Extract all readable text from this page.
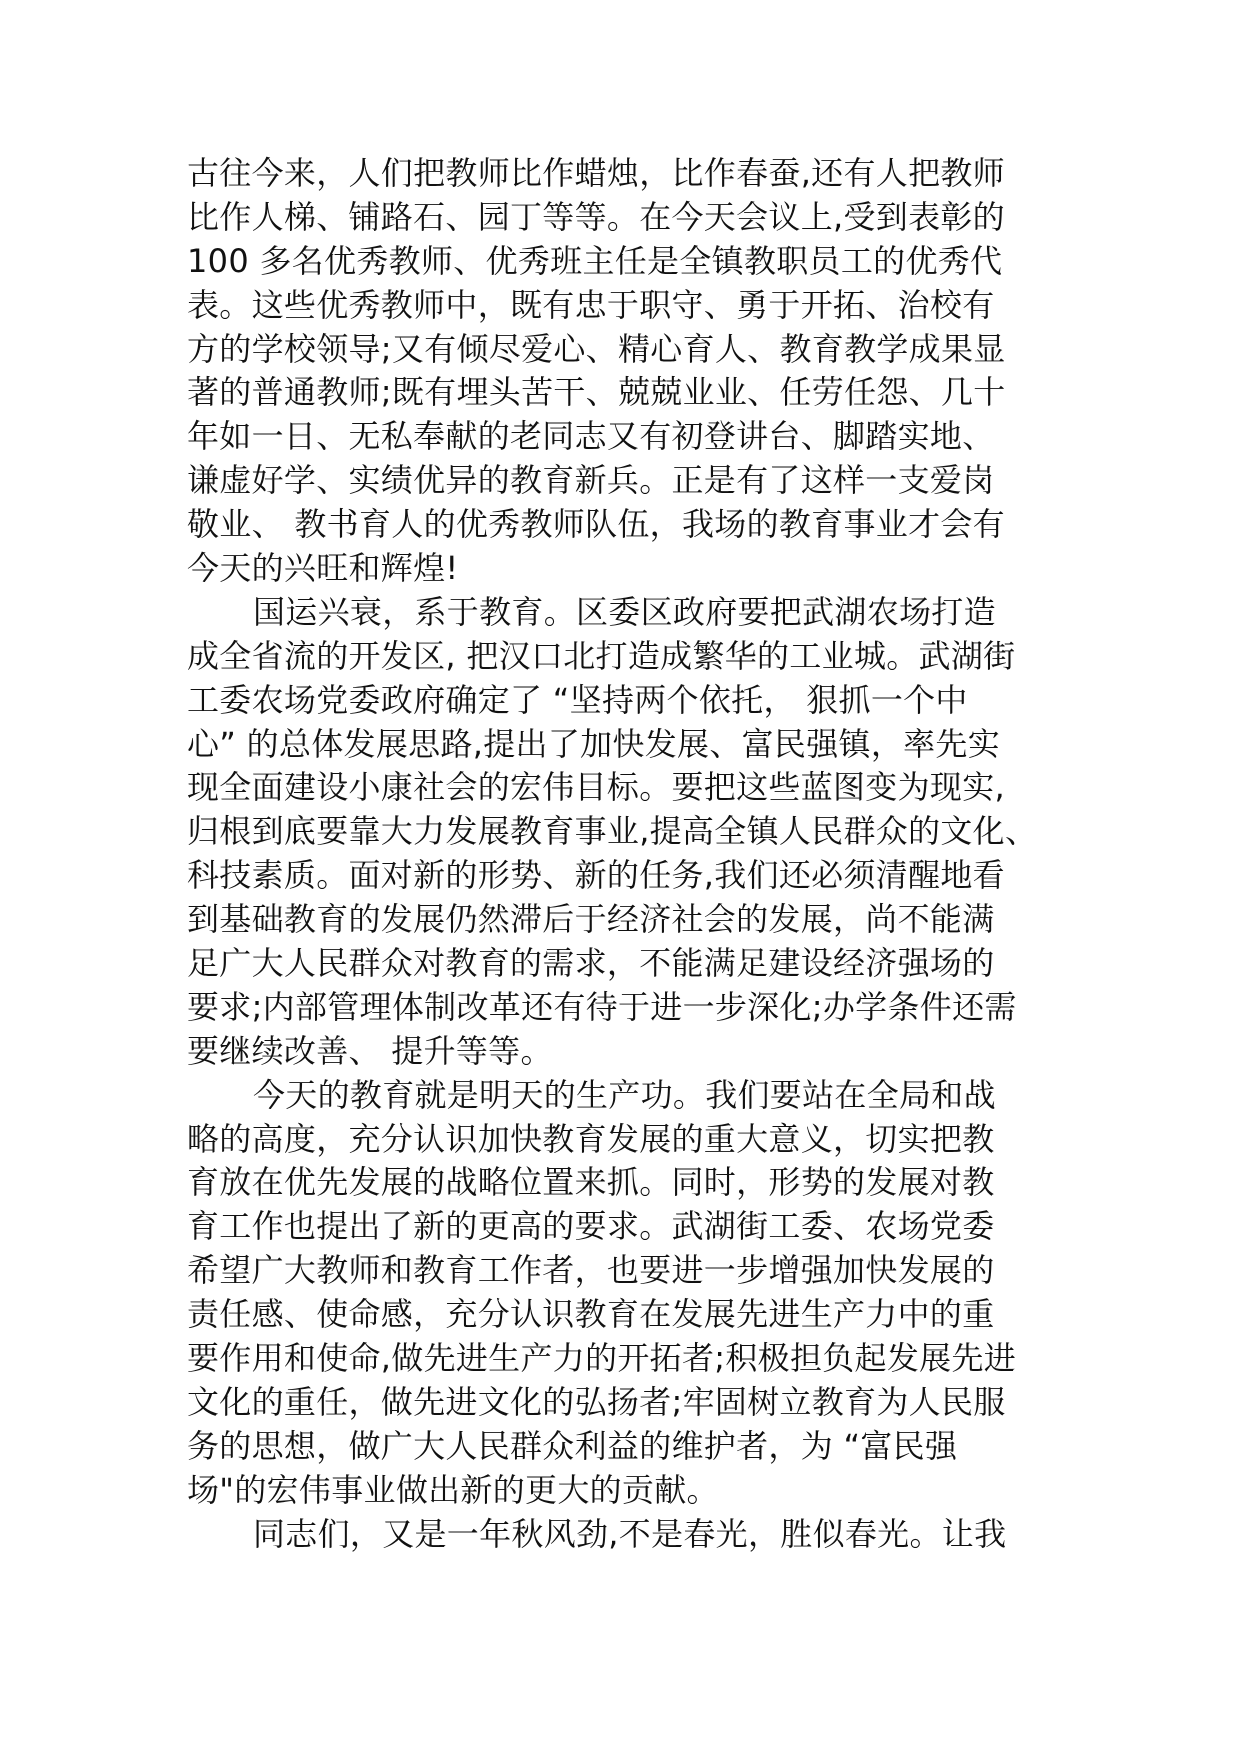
古往今来，人们把教师比作蜡烛，比作春蚕,还有人把教师
比作人梯、铺路石、园丁等等。在今天会议上,受到表彰的
100 多名优秀教师、优秀班主任是全镇教职员工的优秀代
表。这些优秀教师中，既有忠于职守、勇于开拓、治校有
方的学校领导;又有倾尽爱心、精心育人、教育教学成果显
著的普通教师;既有埋头苦干、兢兢业业、任劳任怨、几十
年如一日、无私奉献的老同志又有初登讲台、脚踏实地、
谦虚好学、实绩优异的教育新兵。正是有了这样一支爱岗
敬业、 教书育人的优秀教师队伍，我场的教育事业才会有
今天的兴旺和辉煌!
国运兴衰，系于教育。区委区政府要把武湖农场打造
成全省流的开发区, 把汉口北打造成繁华的工业城。武湖街
工委农场党委政府确定了 “坚持两个依托， 狠抓一个中
心” 的总体发展思路,提出了加快发展、富民强镇，率先实
现全面建设小康社会的宏伟目标。要把这些蓝图变为现实,
归根到底要靠大力发展教育事业,提高全镇人民群众的文化、
科技素质。面对新的形势、新的任务,我们还必须清醒地看
到基础教育的发展仍然滞后于经济社会的发展，尚不能满
足广大人民群众对教育的需求，不能满足建设经济强场的
要求;内部管理体制改革还有待于进一步深化;办学条件还需
要继续改善、 提升等等。
今天的教育就是明天的生产功。我们要站在全局和战
略的高度，充分认识加快教育发展的重大意义，切实把教
育放在优先发展的战略位置来抓。同时，形势的发展对教
育工作也提出了新的更高的要求。武湖街工委、农场党委
希望广大教师和教育工作者，也要进一步增强加快发展的
责任感、使命感，充分认识教育在发展先进生产力中的重
要作用和使命,做先进生产力的开拓者;积极担负起发展先进
文化的重任，做先进文化的弘扬者;牢固树立教育为人民服
务的思想，做广大人民群众利益的维护者，为 “富民强
场"的宏伟事业做出新的更大的贡献。
同志们，又是一年秋风劲,不是春光，胜似春光。让我
